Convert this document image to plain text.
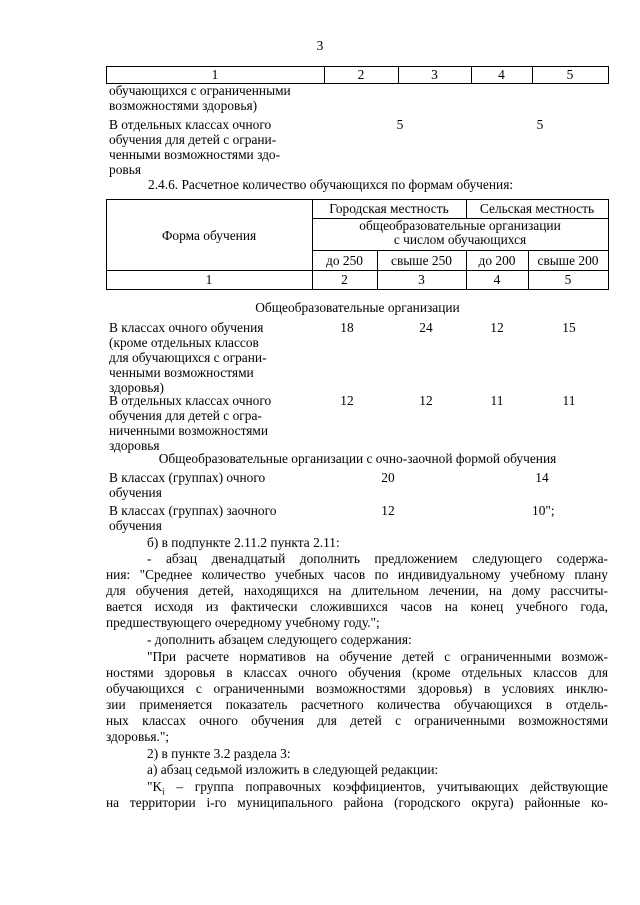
3
1	2	3	4	5
обучающихся с ограниченными
возможностями здоровья)
В отдельных классах очного
обучения для детей с ограни-
ченными возможностями здо-
ровья
5	5
2.4.6. Расчетное количество обучающихся по формам обучения:
Форма обучения
Городская местность	Сельская местность
общеобразовательные организации
с числом обучающихся
до 250	свыше 250	до 200	свыше 200
1	2	3	4	5
Общеобразовательные организации
В классах очного обучения
(кроме отдельных классов
для обучающихся с ограни-
ченными возможностями
здоровья)
18	24	12	15
В отдельных классах очного
обучения для детей с огра-
ниченными возможностями
здоровья
12	12	11	11
Общеобразовательные организации с очно-заочной формой обучения
В классах (группах) очного
обучения
20	14
В классах (группах) заочного
обучения
12	10";
б) в подпункте 2.11.2 пункта 2.11:
- абзац двенадцатый дополнить предложением следующего содержа-
ния: "Среднее количество учебных часов по индивидуальному учебному плану
для обучения детей, находящихся на длительном лечении, на дому рассчиты-
вается исходя из фактически сложившихся часов на конец учебного года,
предшествующего очередному учебному году.";
- дополнить абзацем следующего содержания:
"При расчете нормативов на обучение детей с ограниченными возмож-
ностями здоровья в классах очного обучения (кроме отдельных классов для
обучающихся с ограниченными возможностями здоровья) в условиях инклю-
зии применяется показатель расчетного количества обучающихся в отдель-
ных классах очного обучения для детей с ограниченными возможностями
здоровья.";
2) в пункте 3.2 раздела 3:
а) абзац седьмой изложить в следующей редакции:
"$K_i$ – группа поправочных коэффициентов, учитывающих действующие
на территории i-го муниципального района (городского округа) районные ко-
